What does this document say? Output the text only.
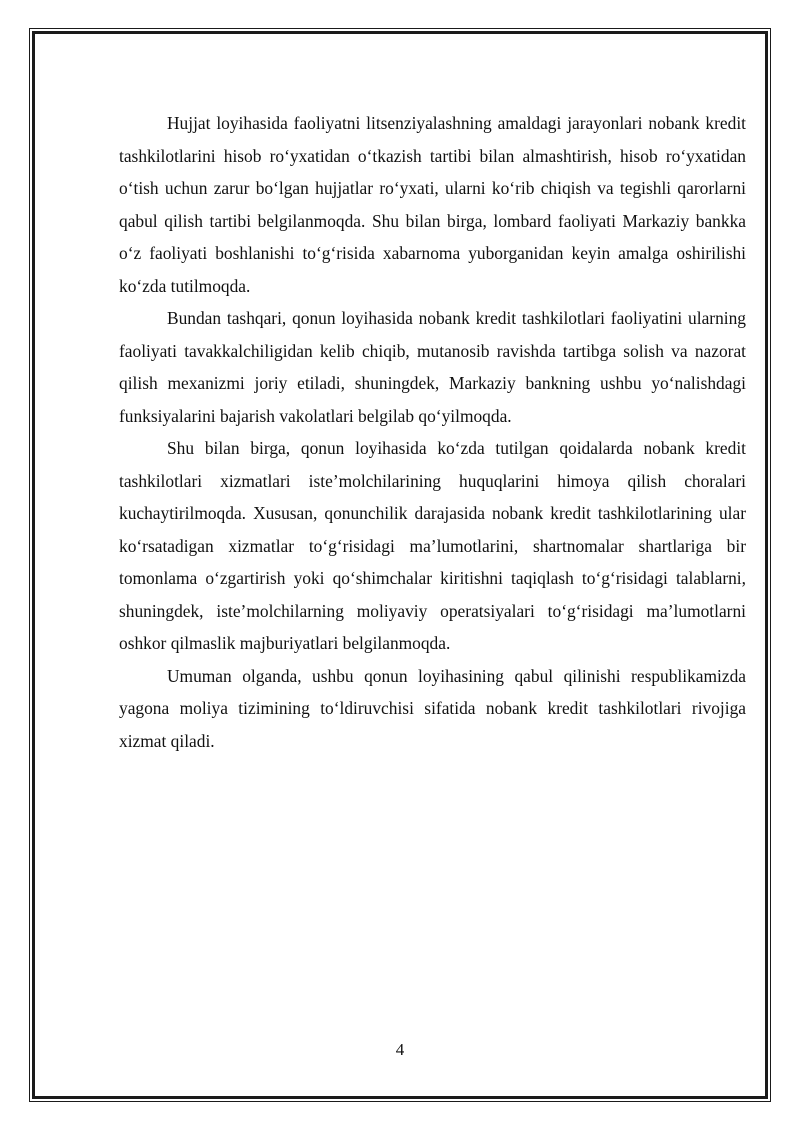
Hujjat loyihasida faoliyatni litsenziyalashning amaldagi jarayonlari nobank kredit tashkilotlarini hisob ro‘yxatidan o‘tkazish tartibi bilan almashtirish, hisob ro‘yxatidan o‘tish uchun zarur bo‘lgan hujjatlar ro‘yxati, ularni ko‘rib chiqish va tegishli qarorlarni qabul qilish tartibi belgilanmoqda. Shu bilan birga, lombard faoliyati Markaziy bankka o‘z faoliyati boshlanishi to‘g‘risida xabarnoma yuborganidan keyin amalga oshirilishi ko‘zda tutilmoqda.

Bundan tashqari, qonun loyihasida nobank kredit tashkilotlari faoliyatini ularning faoliyati tavakkalchiligidan kelib chiqib, mutanosib ravishda tartibga solish va nazorat qilish mexanizmi joriy etiladi, shuningdek, Markaziy bankning ushbu yo‘nalishdagi funksiyalarini bajarish vakolatlari belgilab qo‘yilmoqda.

Shu bilan birga, qonun loyihasida ko‘zda tutilgan qoidalarda nobank kredit tashkilotlari xizmatlari iste’molchilarining huquqlarini himoya qilish choralari kuchaytirilmoqda. Xususan, qonunchilik darajasida nobank kredit tashkilotlarining ular ko‘rsatadigan xizmatlar to‘g‘risidagi ma’lumotlarini, shartnomalar shartlariga bir tomonlama o‘zgartirish yoki qo‘shimchalar kiritishni taqiqlash to‘g‘risidagi talablarni, shuningdek, iste’molchilarning moliyaviy operatsiyalari to‘g‘risidagi ma’lumotlarni oshkor qilmaslik majburiyatlari belgilanmoqda.

Umuman olganda, ushbu qonun loyihasining qabul qilinishi respublikamizda yagona moliya tizimining to‘ldiruvchisi sifatida nobank kredit tashkilotlari rivojiga xizmat qiladi.

4
